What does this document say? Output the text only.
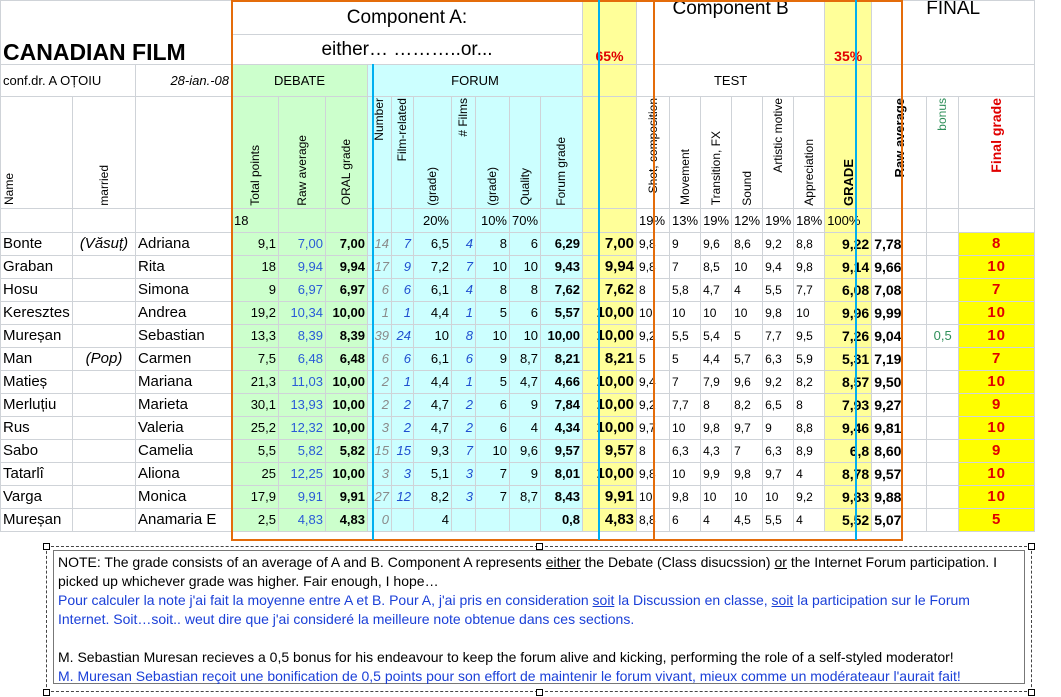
CANADIAN FILM			Component A:										65%	Component B						35%	FINAL		
			either… ………..or...																				
conf.dr. A OȚOIU		28-ian.-08	DEBATE			FORUM								TEST									

Name	married		Total points	Raw average	ORAL grade	Number	Film-related	(grade)	# Films	(grade)	Quality	Forum grade		Shot, composition	Movement	Transition, FX	Sound	Artistic motive	Appreciation	GRADE	Raw average	bonus	Final grade

			18					20%		10%	70%			19%	13%	19%	12%	19%	18%	100%			
Bonte	(Văsuț)	Adriana	9,1	7,00	7,00	14	7	6,5	4	8	6	6,29	7,00	9,8	9	9,6	8,6	9,2	8,8	9,22	7,78		8
Graban		Rita	18	9,94	9,94	17	9	7,2	7	10	10	9,43	9,94	9,8	7	8,5	10	9,4	9,8	9,14	9,66		10
Hosu		Simona	9	6,97	6,97	6	6	6,1	4	8	8	7,62	7,62	8	5,8	4,7	4	5,5	7,7	6,08	7,08		7
Keresztes		Andrea	19,2	10,34	10,00	1	1	4,4	1	5	6	5,57	10,00	10	10	10	10	9,8	10	9,96	9,99		10
Mureșan		Sebastian	13,3	8,39	8,39	39	24	10	8	10	10	10,00	10,00	9,2	5,5	5,4	5	7,7	9,5	7,26	9,04	0,5	10
Man	(Pop)	Carmen	7,5	6,48	6,48	6	6	6,1	6	9	8,7	8,21	8,21	5	5	4,4	5,7	6,3	5,9	5,31	7,19		7
Matieș		Mariana	21,3	11,03	10,00	2	1	4,4	1	5	4,7	4,66	10,00	9,4	7	7,9	9,6	9,2	8,2	8,57	9,50		10
Merluțiu		Marieta	30,1	13,93	10,00	2	2	4,7	2	6	9	7,84	10,00	9,2	7,7	8	8,2	6,5	8	7,93	9,27		9
Rus		Valeria	25,2	12,32	10,00	3	2	4,7	2	6	4	4,34	10,00	9,7	10	9,8	9,7	9	8,8	9,46	9,81		10
Sabo		Camelia	5,5	5,82	5,82	15	15	9,3	7	10	9,6	9,57	9,57	8	6,3	4,3	7	6,3	8,9	6,8	8,60		9
Tatarlî		Aliona	25	12,25	10,00	3	3	5,1	3	7	9	8,01	10,00	9,8	10	9,9	9,8	9,7	4	8,78	9,57		10
Varga		Monica	17,9	9,91	9,91	27	12	8,2	3	7	8,7	8,43	9,91	10	9,8	10	10	10	9,2	9,83	9,88		10
Mureșan		Anamaria E	2,5	4,83	4,83	0		4				0,8	4,83	8,8	6	4	4,5	5,5	4	5,52	5,07		5

NOTE: The grade consists of an average of A and B. Component A represents either the Debate (Class disucssion) or the Internet Forum participation. I picked up whichever grade was higher. Fair enough, I hope…

Pour calculer la note j'ai fait la moyenne entre A et B. Pour A, j'ai pris en consideration soit la Discussion en classe, soit la participation sur le Forum Internet. Soit…soit.. weut dire que j'ai consideré la meilleure note obtenue dans ces sections.

M. Sebastian Muresan recieves a 0,5 bonus for his endeavour to keep the forum alive and kicking, performing the role of a self-styled moderator!

M. Muresan Sebastian reçoit une bonification de 0,5 points pour son effort de maintenir le forum vivant, mieux comme un modérateaur l'aurait fait!
